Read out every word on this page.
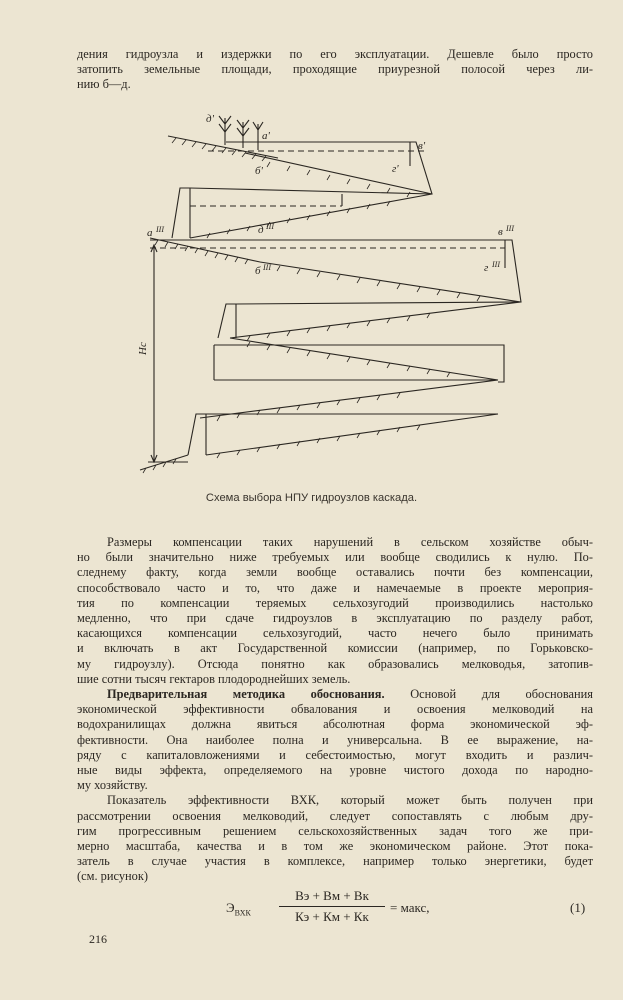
дения гидроузла и издержки по его эксплуатации. Дешевле было просто
затопить земельные площади, проходящие приурезной полосой через ли-
нию б—д.
д'
а'
в'
б'	г'
а III	д III	в III
б III	г III
Нс
Схема выбора НПУ гидроузлов каскада.
Размеры компенсации таких нарушений в сельском хозяйстве обыч-
но были значительно ниже требуемых или вообще сводились к нулю. По-
следнему факту, когда земли вообще оставались почти без компенсации,
способствовало часто и то, что даже и намечаемые в проекте мероприя-
тия по компенсации теряемых сельхозугодий производились настолько
медленно, что при сдаче гидроузлов в эксплуатацию по разделу работ,
касающихся компенсации сельхозугодий, часто нечего было принимать
и включать в акт Государственной комиссии (например, по Горьковско-
му гидроузлу). Отсюда понятно как образовались мелководья, затопив-
шие сотни тысяч гектаров плодороднейших земель.
Предварительная методика обоснования. Основой для обоснования
экономической эффективности обвалования и освоения мелководий на
водохранилищах должна явиться абсолютная форма экономической эф-
фективности. Она наиболее полна и универсальна. В ее выражение, на-
ряду с капиталовложениями и себестоимостью, могут входить и различ-
ные виды эффекта, определяемого на уровне чистого дохода по народно-
му хозяйству.
Показатель эффективности ВХК, который может быть получен при
рассмотрении освоения мелководий, следует сопоставлять с любым дру-
гим прогрессивным решением сельскохозяйственных задач того же при-
мерно масштаба, качества и в том же экономическом районе. Этот пока-
затель в случае участия в комплексе, например только энергетики, будет
(см. рисунок)
$Э_{ВХК}$
Вэ + Вм + Вк
Кэ + Км + Кк
= макс,	(1)
216
